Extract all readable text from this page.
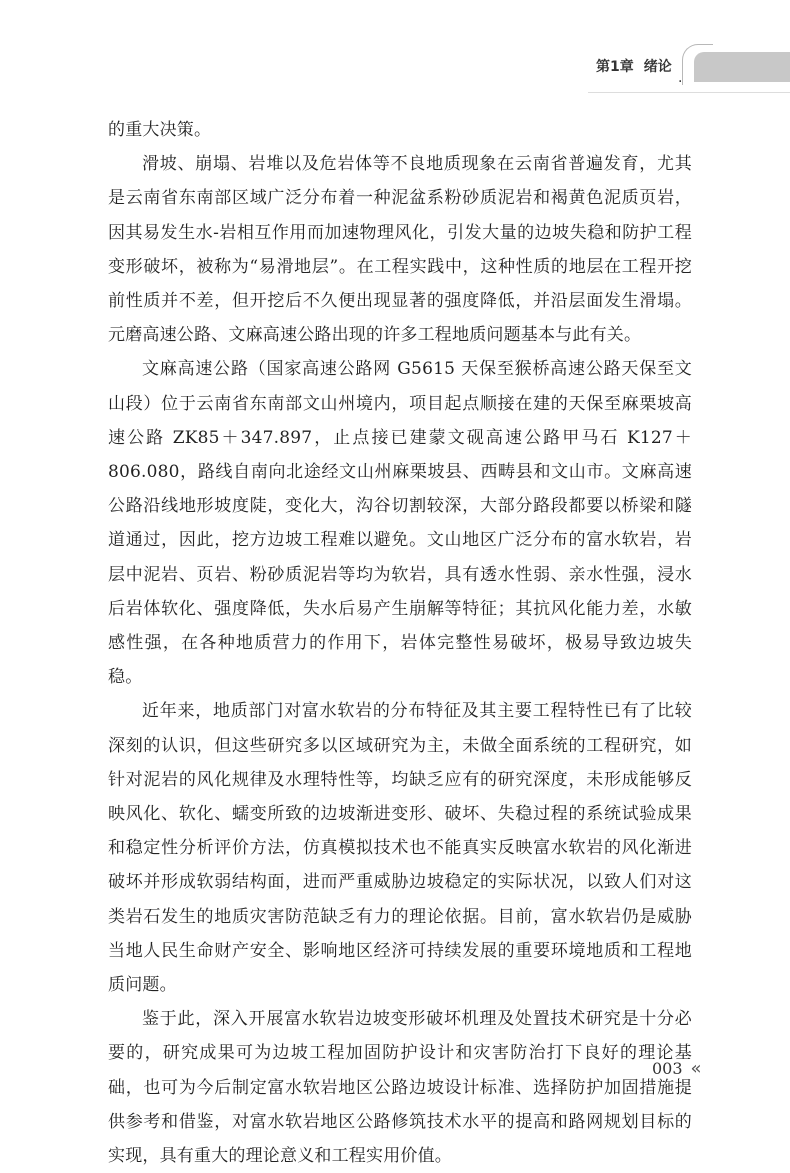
第1章 绪论
.

的重大决策。

滑坡、崩塌、岩堆以及危岩体等不良地质现象在云南省普遍发育，尤其是云南省东南部区域广泛分布着一种泥盆系粉砂质泥岩和褐黄色泥质页岩，因其易发生水-岩相互作用而加速物理风化，引发大量的边坡失稳和防护工程变形破坏，被称为“易滑地层”。在工程实践中，这种性质的地层在工程开挖前性质并不差，但开挖后不久便出现显著的强度降低，并沿层面发生滑塌。元磨高速公路、文麻高速公路出现的许多工程地质问题基本与此有关。

文麻高速公路（国家高速公路网 G5615 天保至猴桥高速公路天保至文山段）位于云南省东南部文山州境内，项目起点顺接在建的天保至麻栗坡高速公路 ZK85＋347.897，止点接已建蒙文砚高速公路甲马石 K127＋806.080，路线自南向北途经文山州麻栗坡县、西畴县和文山市。文麻高速公路沿线地形坡度陡，变化大，沟谷切割较深，大部分路段都要以桥梁和隧道通过，因此，挖方边坡工程难以避免。文山地区广泛分布的富水软岩，岩层中泥岩、页岩、粉砂质泥岩等均为软岩，具有透水性弱、亲水性强，浸水后岩体软化、强度降低，失水后易产生崩解等特征；其抗风化能力差，水敏感性强，在各种地质营力的作用下，岩体完整性易破坏，极易导致边坡失稳。

近年来，地质部门对富水软岩的分布特征及其主要工程特性已有了比较深刻的认识，但这些研究多以区域研究为主，未做全面系统的工程研究，如针对泥岩的风化规律及水理特性等，均缺乏应有的研究深度，未形成能够反映风化、软化、蠕变所致的边坡渐进变形、破坏、失稳过程的系统试验成果和稳定性分析评价方法，仿真模拟技术也不能真实反映富水软岩的风化渐进破坏并形成软弱结构面，进而严重威胁边坡稳定的实际状况，以致人们对这类岩石发生的地质灾害防范缺乏有力的理论依据。目前，富水软岩仍是威胁当地人民生命财产安全、影响地区经济可持续发展的重要环境地质和工程地质问题。

鉴于此，深入开展富水软岩边坡变形破坏机理及处置技术研究是十分必要的，研究成果可为边坡工程加固防护设计和灾害防治打下良好的理论基础，也可为今后制定富水软岩地区公路边坡设计标准、选择防护加固措施提供参考和借鉴，对富水软岩地区公路修筑技术水平的提高和路网规划目标的实现，具有重大的理论意义和工程实用价值。

003 «
